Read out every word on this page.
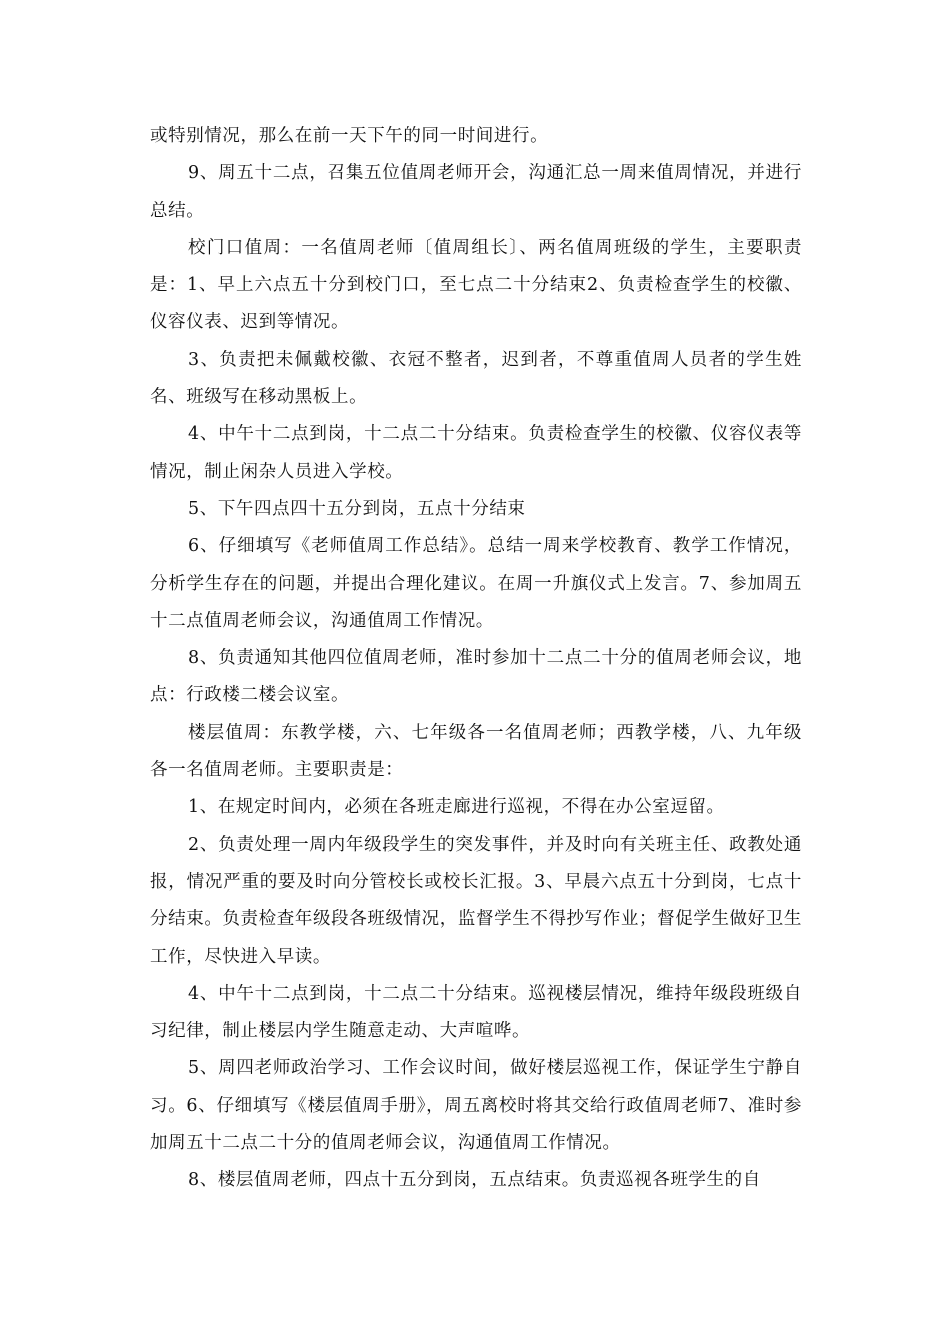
或特别情况，那么在前一天下午的同一时间进行。

9、周五十二点，召集五位值周老师开会，沟通汇总一周来值周情况，并进行总结。

校门口值周：一名值周老师〔值周组长〕、两名值周班级的学生，主要职责是：1、早上六点五十分到校门口，至七点二十分结束2、负责检查学生的校徽、仪容仪表、迟到等情况。

3、负责把未佩戴校徽、衣冠不整者，迟到者，不尊重值周人员者的学生姓名、班级写在移动黑板上。

4、中午十二点到岗，十二点二十分结束。负责检查学生的校徽、仪容仪表等情况，制止闲杂人员进入学校。

5、下午四点四十五分到岗，五点十分结束

6、仔细填写《老师值周工作总结》。总结一周来学校教育、教学工作情况，分析学生存在的问题，并提出合理化建议。在周一升旗仪式上发言。7、参加周五十二点值周老师会议，沟通值周工作情况。

8、负责通知其他四位值周老师，准时参加十二点二十分的值周老师会议，地点：行政楼二楼会议室。

楼层值周：东教学楼，六、七年级各一名值周老师；西教学楼，八、九年级各一名值周老师。主要职责是：

1、在规定时间内，必须在各班走廊进行巡视，不得在办公室逗留。

2、负责处理一周内年级段学生的突发事件，并及时向有关班主任、政教处通报，情况严重的要及时向分管校长或校长汇报。3、早晨六点五十分到岗，七点十分结束。负责检查年级段各班级情况，监督学生不得抄写作业；督促学生做好卫生工作，尽快进入早读。

4、中午十二点到岗，十二点二十分结束。巡视楼层情况，维持年级段班级自习纪律，制止楼层内学生随意走动、大声喧哗。

5、周四老师政治学习、工作会议时间，做好楼层巡视工作，保证学生宁静自习。6、仔细填写《楼层值周手册》，周五离校时将其交给行政值周老师7、准时参加周五十二点二十分的值周老师会议，沟通值周工作情况。

8、楼层值周老师，四点十五分到岗，五点结束。负责巡视各班学生的自
